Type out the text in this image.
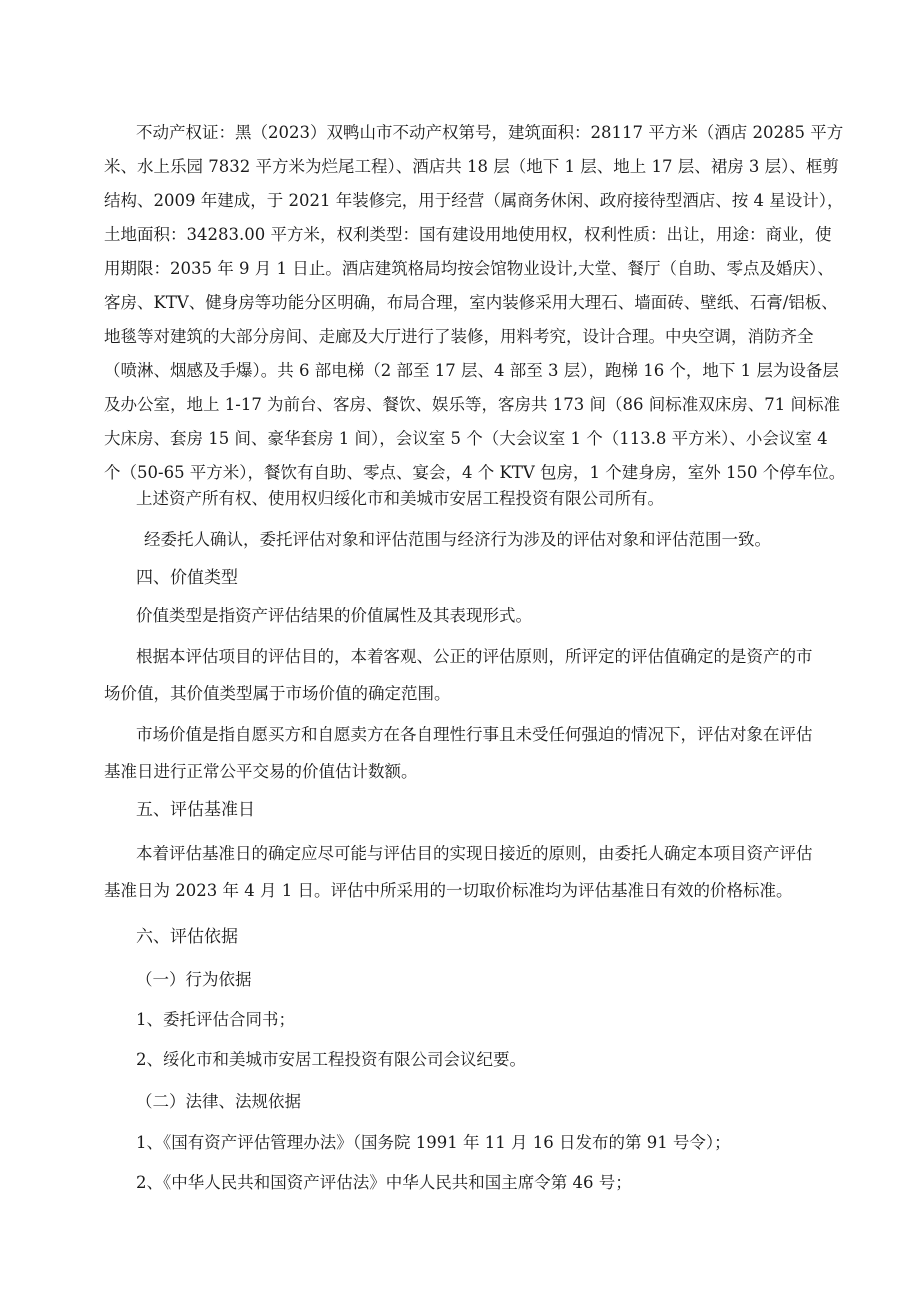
不动产权证：黑（2023）双鸭山市不动产权第号，建筑面积：28117 平方米（酒店 20285 平方

米、水上乐园 7832 平方米为烂尾工程）、酒店共 18 层（地下 1 层、地上 17 层、裙房 3 层）、框剪

结构、2009 年建成，于 2021 年装修完，用于经营（属商务休闲、政府接待型酒店、按 4 星设计），

土地面积：34283.00 平方米，权利类型：国有建设用地使用权，权利性质：出让，用途：商业，使

用期限：2035 年 9 月 1 日止。酒店建筑格局均按会馆物业设计,大堂、餐厅（自助、零点及婚庆）、

客房、KTV、健身房等功能分区明确，布局合理，室内装修采用大理石、墙面砖、壁纸、石膏/铝板、

地毯等对建筑的大部分房间、走廊及大厅进行了装修，用料考究，设计合理。中央空调，消防齐全

（喷淋、烟感及手爆）。共 6 部电梯（2 部至 17 层、4 部至 3 层），跑梯 16 个，地下 1 层为设备层

及办公室，地上 1-17 为前台、客房、餐饮、娱乐等，客房共 173 间（86 间标准双床房、71 间标准

大床房、套房 15 间、豪华套房 1 间），会议室 5 个（大会议室 1 个（113.8 平方米）、小会议室 4

个（50-65 平方米），餐饮有自助、零点、宴会，4 个 KTV 包房，1 个建身房，室外 150 个停车位。

上述资产所有权、使用权归绥化市和美城市安居工程投资有限公司所有。

经委托人确认，委托评估对象和评估范围与经济行为涉及的评估对象和评估范围一致。

四、价值类型

价值类型是指资产评估结果的价值属性及其表现形式。

根据本评估项目的评估目的，本着客观、公正的评估原则，所评定的评估值确定的是资产的市

场价值，其价值类型属于市场价值的确定范围。

市场价值是指自愿买方和自愿卖方在各自理性行事且未受任何强迫的情况下，评估对象在评估

基准日进行正常公平交易的价值估计数额。

五、评估基准日

本着评估基准日的确定应尽可能与评估目的实现日接近的原则，由委托人确定本项目资产评估

基准日为 2023 年 4 月 1 日。评估中所采用的一切取价标准均为评估基准日有效的价格标准。

六、评估依据

（一）行为依据

1、委托评估合同书；

2、绥化市和美城市安居工程投资有限公司会议纪要。

（二）法律、法规依据

1、《国有资产评估管理办法》（国务院 1991 年 11 月 16 日发布的第 91 号令）；

2、《中华人民共和国资产评估法》中华人民共和国主席令第 46 号；
